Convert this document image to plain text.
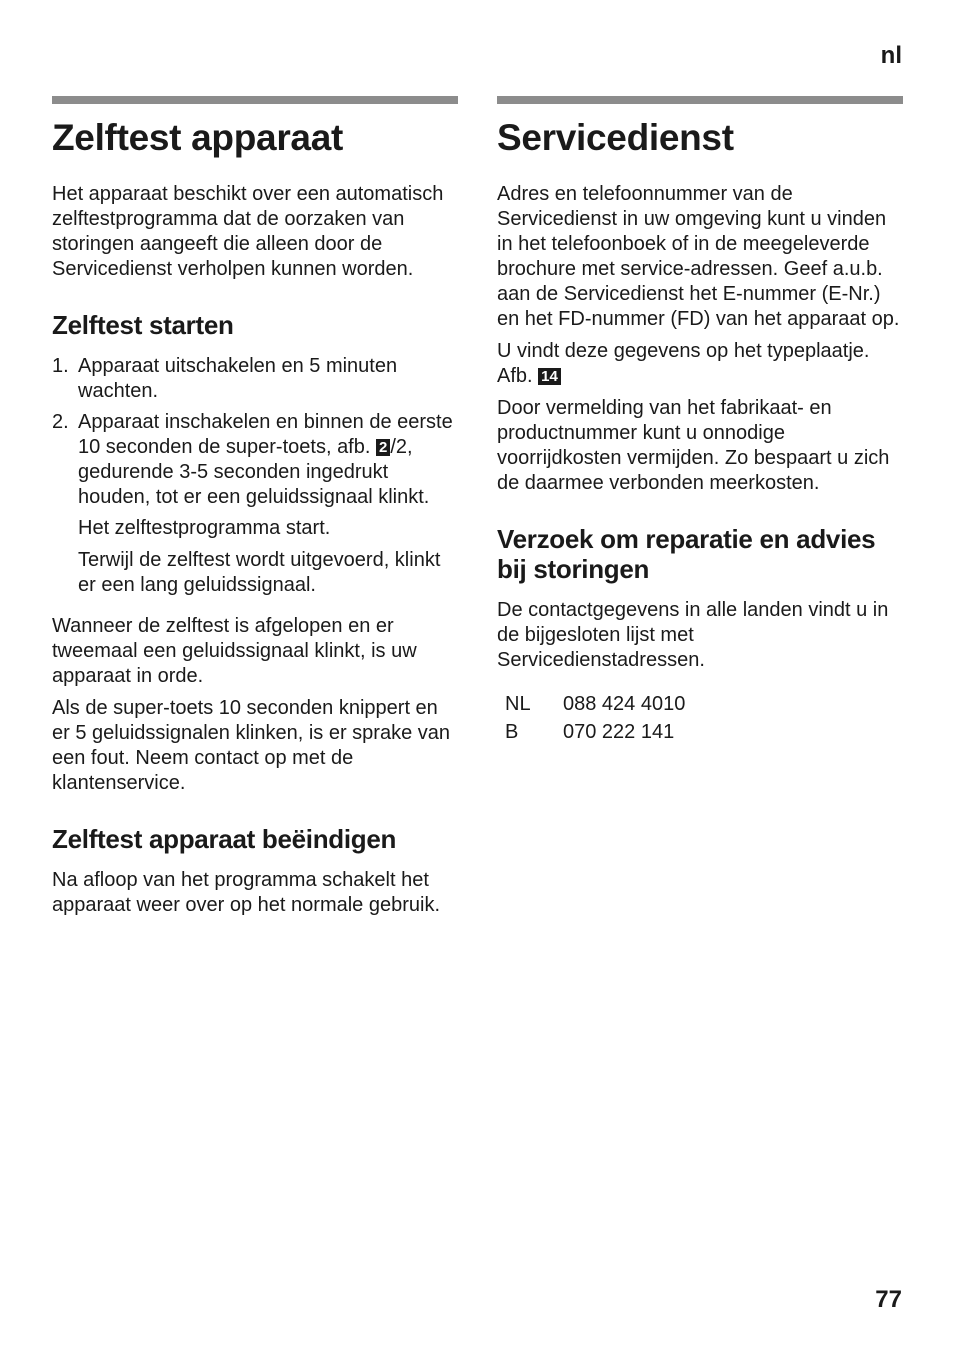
nl
Zelftest apparaat

Het apparaat beschikt over een automatisch zelftestprogramma dat de oorzaken van storingen aangeeft die alleen door de Servicedienst verholpen kunnen worden.

Zelftest starten
1. Apparaat uitschakelen en 5 minuten wachten.
2. Apparaat inschakelen en binnen de eerste 10 seconden de super-toets, afb. 2 /2, gedurende 3-5 seconden ingedrukt houden, tot er een geluidssignaal klinkt.
Het zelftestprogramma start.
Terwijl de zelftest wordt uitgevoerd, klinkt er een lang geluidssignaal.

Wanneer de zelftest is afgelopen en er tweemaal een geluidssignaal klinkt, is uw apparaat in orde.

Als de super-toets 10 seconden knippert en er 5 geluidssignalen klinken, is er sprake van een fout. Neem contact op met de klantenservice.

Zelftest apparaat beëindigen

Na afloop van het programma schakelt het apparaat weer over op het normale gebruik.

Servicedienst

Adres en telefoonnummer van de Servicedienst in uw omgeving kunt u vinden in het telefoonboek of in de meegeleverde brochure met service-adressen. Geef a.u.b. aan de Servicedienst het E-nummer (E-Nr.) en het FD-nummer (FD) van het apparaat op.

U vindt deze gegevens op het typeplaatje. Afb. 14

Door vermelding van het fabrikaat- en productnummer kunt u onnodige voorrijdkosten vermijden. Zo bespaart u zich de daarmee verbonden meerkosten.

Verzoek om reparatie en advies bij storingen

De contactgegevens in alle landen vindt u in de bijgesloten lijst met Servicedienstadressen.

NL	088 424 4010
B	070 222 141
77
